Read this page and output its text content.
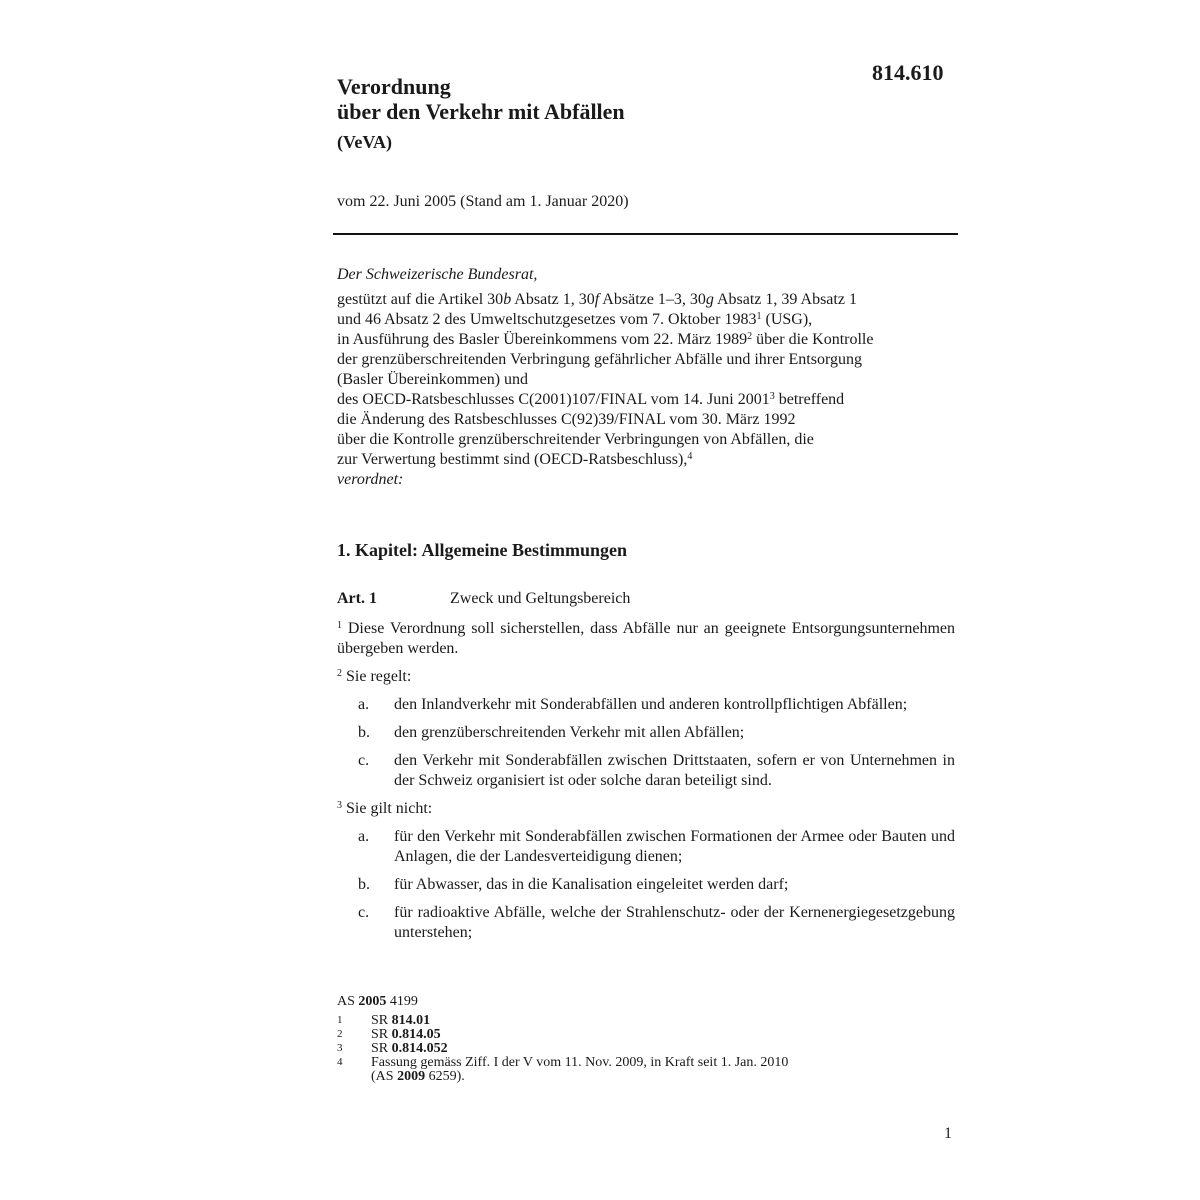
814.610
Verordnung
über den Verkehr mit Abfällen
(VeVA)
vom 22. Juni 2005 (Stand am 1. Januar 2020)
Der Schweizerische Bundesrat,
gestützt auf die Artikel 30b Absatz 1, 30f Absätze 1–3, 30g Absatz 1, 39 Absatz 1
und 46 Absatz 2 des Umweltschutzgesetzes vom 7. Oktober 1983$^1$ (USG),
in Ausführung des Basler Übereinkommens vom 22. März 1989$^2$ über die Kontrolle
der grenzüberschreitenden Verbringung gefährlicher Abfälle und ihrer Entsorgung
(Basler Übereinkommen) und
des OECD-Ratsbeschlusses C(2001)107/FINAL vom 14. Juni 2001$^3$ betreffend
die Änderung des Ratsbeschlusses C(92)39/FINAL vom 30. März 1992
über die Kontrolle grenzüberschreitender Verbringungen von Abfällen, die
zur Verwertung bestimmt sind (OECD-Ratsbeschluss),$^4$
verordnet:
1. Kapitel: Allgemeine Bestimmungen
Art. 1	Zweck und Geltungsbereich

$^1$ Diese Verordnung soll sicherstellen, dass Abfälle nur an geeignete Entsorgungsunternehmen übergeben werden.

$^2$ Sie regelt:

a.	den Inlandverkehr mit Sonderabfällen und anderen kontrollpflichtigen Abfällen;
b.	den grenzüberschreitenden Verkehr mit allen Abfällen;
c.	den Verkehr mit Sonderabfällen zwischen Drittstaaten, sofern er von Unternehmen in der Schweiz organisiert ist oder solche daran beteiligt sind.

$^3$ Sie gilt nicht:

a.	für den Verkehr mit Sonderabfällen zwischen Formationen der Armee oder Bauten und Anlagen, die der Landesverteidigung dienen;
b.	für Abwasser, das in die Kanalisation eingeleitet werden darf;
c.	für radioaktive Abfälle, welche der Strahlenschutz- oder der Kernenergiegesetzgebung unterstehen;
AS 2005 4199
1	SR 814.01
2	SR 0.814.05
3	SR 0.814.052
4	Fassung gemäss Ziff. I der V vom 11. Nov. 2009, in Kraft seit 1. Jan. 2010
(AS 2009 6259).
1
